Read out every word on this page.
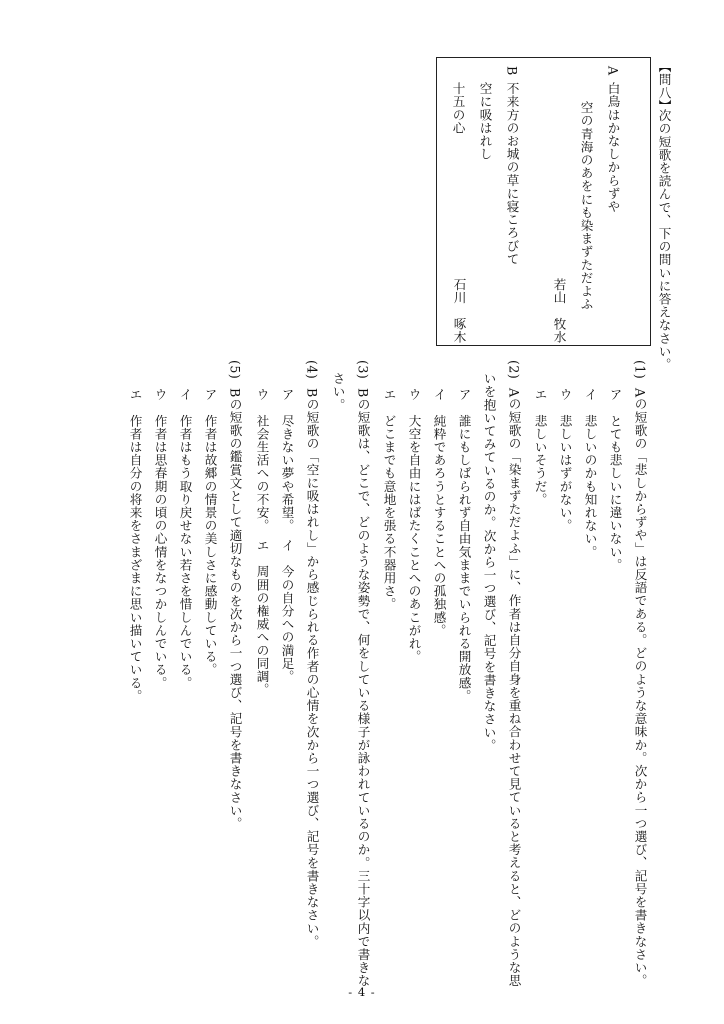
【問八】
次の短歌を読んで、下の問いに答えなさい。
A
白鳥はかなしからずや
空の青海のあをにも染まずただよふ
若山　牧水
B
不来方のお城の草に寝ころびて
空に吸はれし
十五の心
石川　啄木
(1)
Aの短歌の「悲しからずや」は反語である。どのような意味か。次から一つ選び、記号を書きなさい。
ア　とても悲しいに違いない。
イ　悲しいのかも知れない。
ウ　悲しいはずがない。
エ　悲しいそうだ。
(2)
Aの短歌の「染まずただよふ」に、作者は自分自身を重ね合わせて見ていると考えると、どのような思
いを抱いてみているのか。次から一つ選び、記号を書きなさい。
ア　誰にもしばられず自由気ままでいられる開放感。
イ　純粋であろうとすることへの孤独感。
ウ　大空を自由にはばたくことへのあこがれ。
エ　どこまでも意地を張る不器用さ。
(3)
Bの短歌は、どこで、どのような姿勢で、何をしている様子が詠われているのか。三十字以内で書きな
さい。
(4)
Bの短歌の「空に吸はれし」から感じられる作者の心情を次から一つ選び、記号を書きなさい。
ア　尽きない夢や希望。　イ　今の自分への満足。
ウ　社会生活への不安。　エ　周囲の権威への同調。
(5)
Bの短歌の鑑賞文として適切なものを次から一つ選び、記号を書きなさい。
ア　作者は故郷の情景の美しさに感動している。
イ　作者はもう取り戻せない若さを惜しんでいる。
ウ　作者は思春期の頃の心情をなつかしんでいる。
エ　作者は自分の将来をさまざまに思い描いている。
- 4 -
